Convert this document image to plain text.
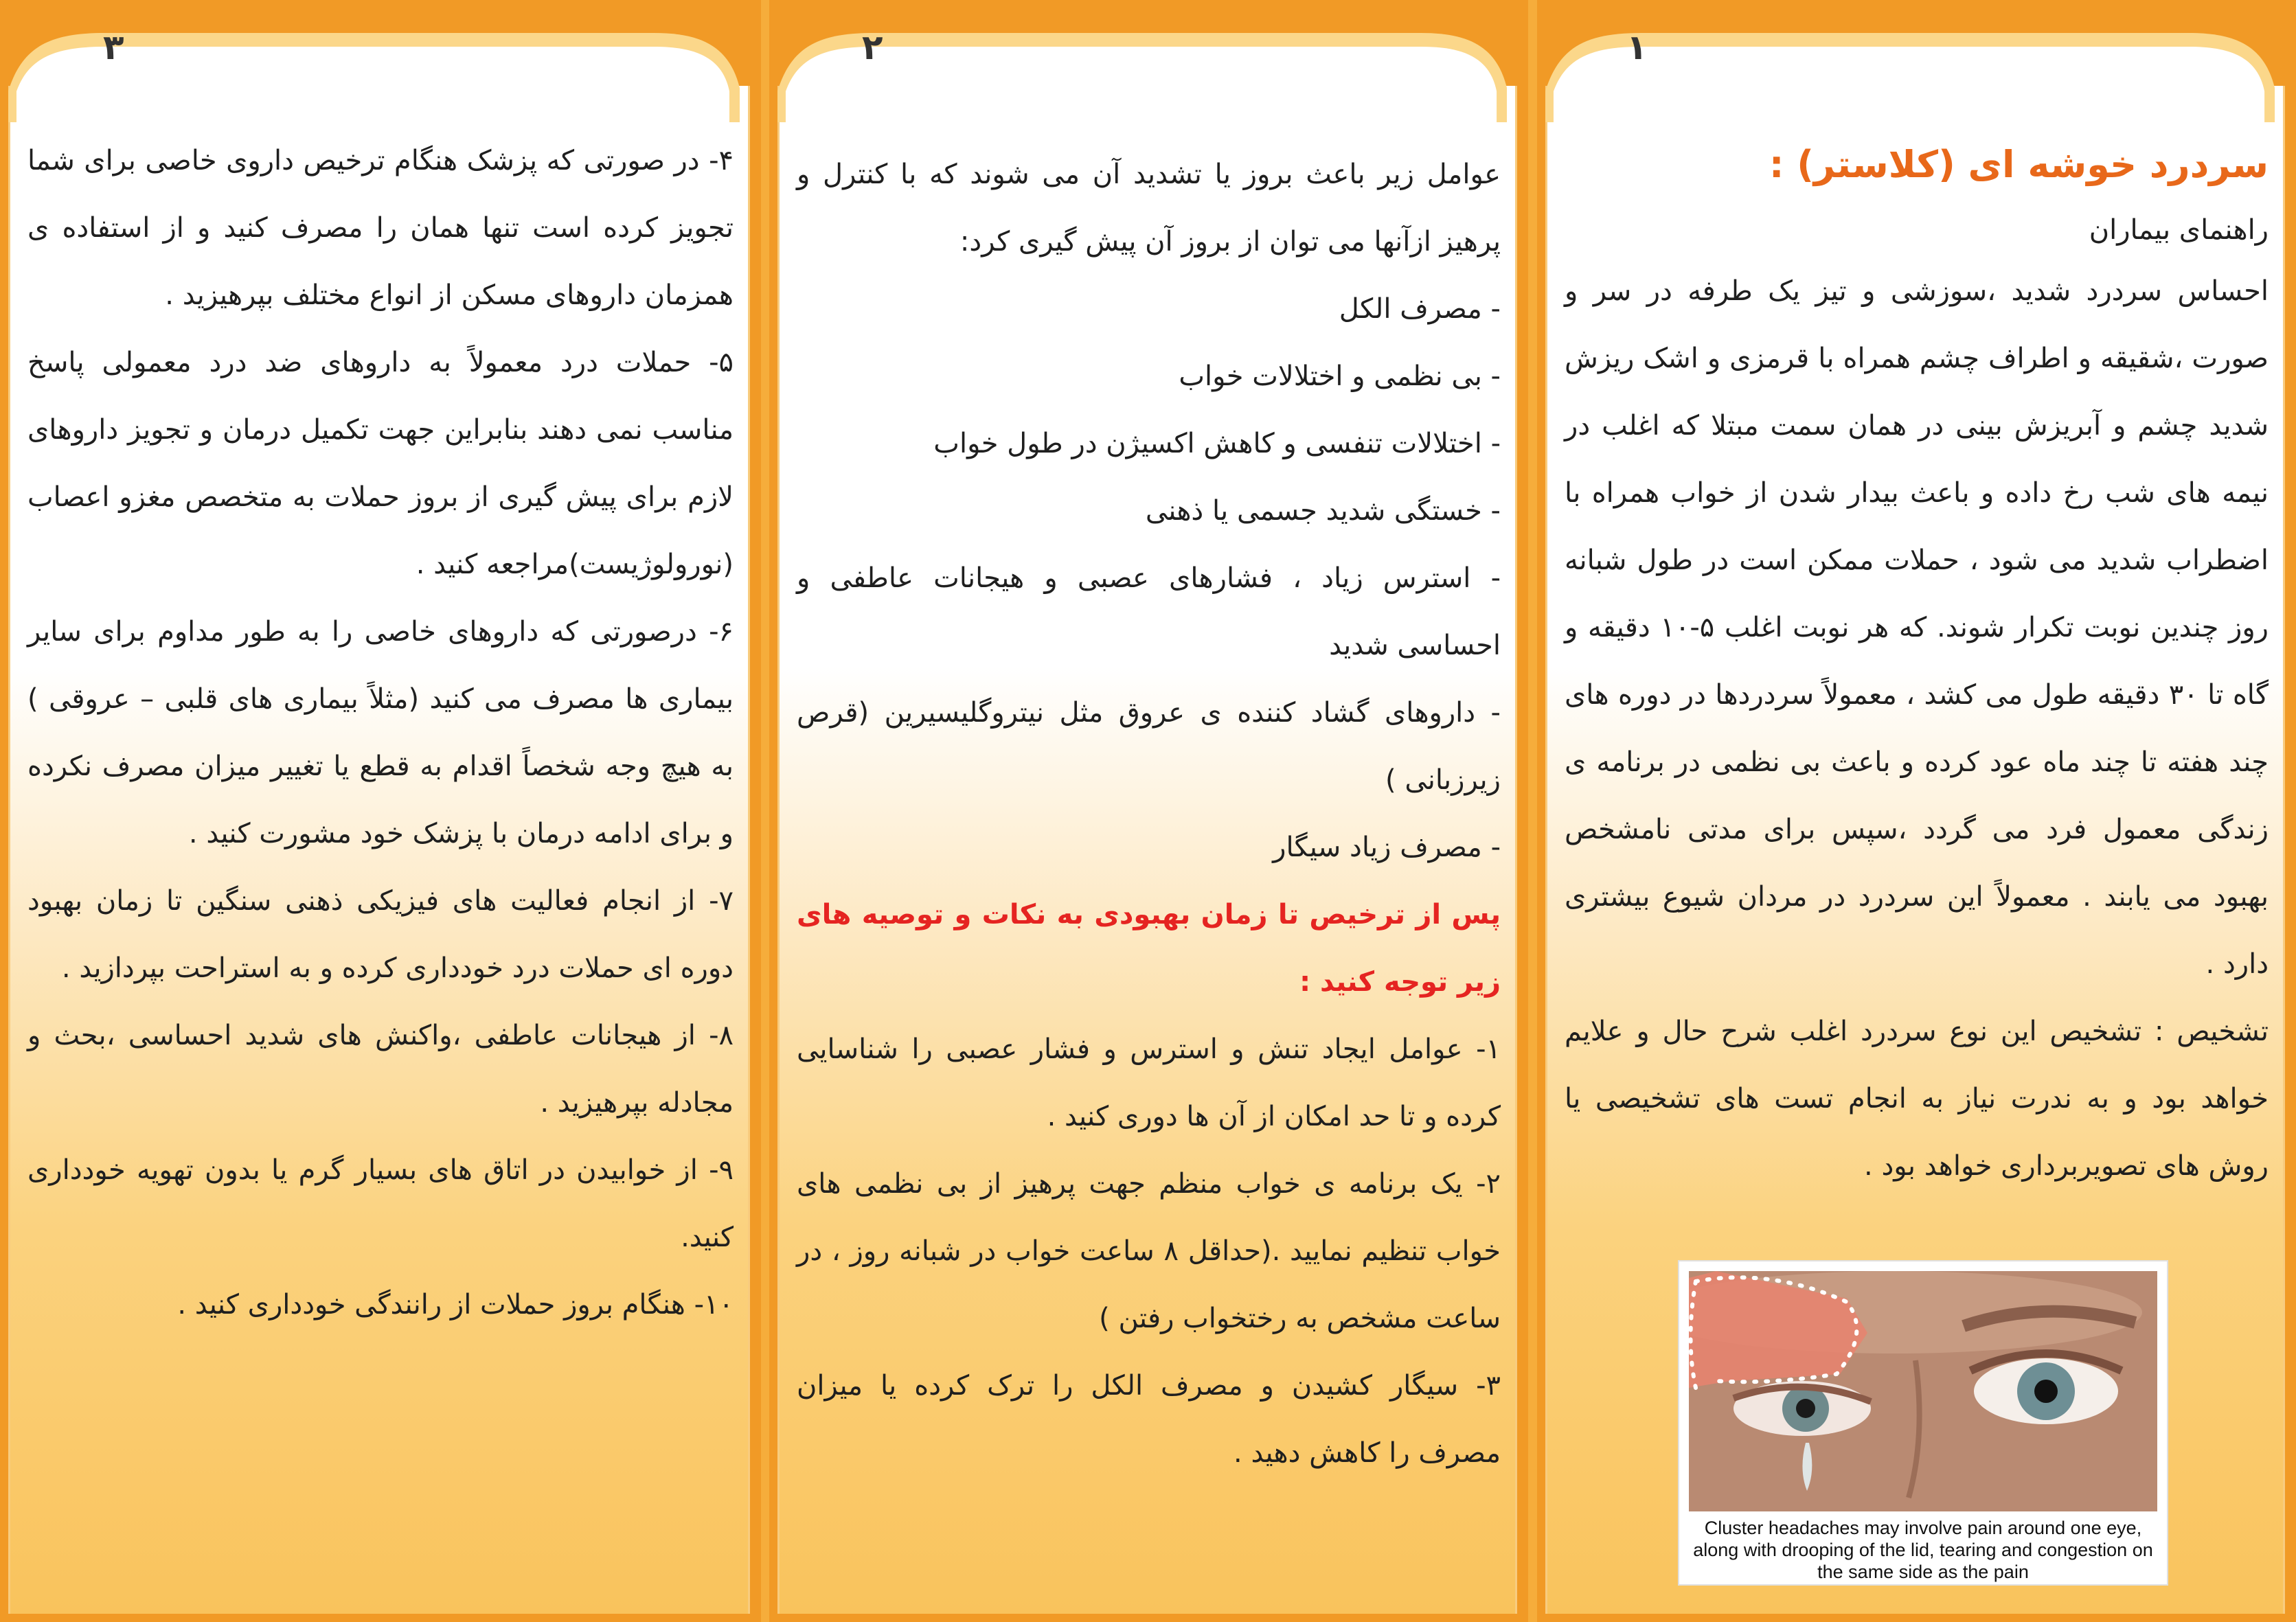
۳

۴- در صورتی که پزشک هنگام ترخیص داروی خاصی برای شما تجویز کرده است تنها همان را مصرف کنید و از استفاده ی همزمان داروهای مسکن از انواع مختلف بپرهیزید .

۵- حملات درد معمولاً به داروهای ضد درد معمولی پاسخ مناسب نمی دهند بنابراین جهت تکمیل درمان و تجویز داروهای لازم برای پیش گیری از بروز حملات به متخصص مغزو اعصاب (نورولوژیست)مراجعه کنید .

۶- درصورتی که داروهای خاصی را به طور مداوم برای سایر بیماری ها مصرف می کنید (مثلاً بیماری های قلبی – عروقی ) به هیچ وجه شخصاً اقدام به قطع یا تغییر میزان مصرف نکرده و برای ادامه درمان با پزشک خود مشورت کنید .

۷- از انجام فعالیت های فیزیکی ذهنی سنگین تا زمان بهبود دوره ای حملات درد خودداری کرده و به استراحت بپردازید .

۸- از هیجانات عاطفی ،واکنش های شدید احساسی ،بحث و مجادله بپرهیزید .

۹- از خوابیدن در اتاق های بسیار گرم یا بدون تهویه خودداری کنید.

۱۰- هنگام بروز حملات از رانندگی خودداری کنید .

۲

عوامل زیر باعث بروز یا تشدید آن می شوند که با کنترل و پرهیز ازآنها می توان از بروز آن پیش گیری کرد:

- مصرف الکل

- بی نظمی و اختلالات خواب

- اختلالات تنفسی و کاهش اکسیژن در طول خواب

- خستگی شدید جسمی یا ذهنی

- استرس زیاد ، فشارهای عصبی و هیجانات عاطفی و احساسی شدید

- داروهای گشاد کننده ی عروق مثل نیتروگلیسیرین (قرص زیرزبانی )

- مصرف زیاد سیگار

پس از ترخیص تا زمان بهبودی به نکات و توصیه های زیر توجه کنید :

۱- عوامل ایجاد تنش و استرس و فشار عصبی را شناسایی کرده و تا حد امکان از آن ها دوری کنید .

۲- یک برنامه ی خواب منظم جهت پرهیز از بی نظمی های خواب تنظیم نمایید .(حداقل ۸ ساعت خواب در شبانه روز ، در ساعت مشخص به رختخواب رفتن )

۳- سیگار کشیدن و مصرف الکل را ترک کرده یا میزان مصرف را کاهش دهید .

۱

سردرد خوشه ای (کلاستر) :

راهنمای بیماران

احساس سردرد شدید ،سوزشی و تیز یک طرفه در سر و صورت ،شقیقه و اطراف چشم همراه با قرمزی و اشک ریزش شدید چشم و آبریزش بینی در همان سمت مبتلا که اغلب در نیمه های شب رخ داده و باعث بیدار شدن از خواب همراه با اضطراب شدید می شود ، حملات ممکن است در طول شبانه روز چندین نوبت تکرار شوند. که هر نوبت اغلب ۵-۱۰ دقیقه و گاه تا ۳۰ دقیقه طول می کشد ، معمولاً سردردها در دوره های چند هفته تا چند ماه عود کرده و باعث بی نظمی در برنامه ی زندگی معمول فرد می گردد ،سپس برای مدتی نامشخص بهبود می یابند . معمولاً این سردرد در مردان شیوع بیشتری دارد .

تشخیص : تشخیص این نوع سردرد اغلب شرح حال و علایم خواهد بود و به ندرت نیاز به انجام تست های تشخیصی یا روش های تصویربرداری خواهد بود .

Cluster headaches may involve pain around one eye, along with drooping of the lid, tearing and congestion on the same side as the pain
